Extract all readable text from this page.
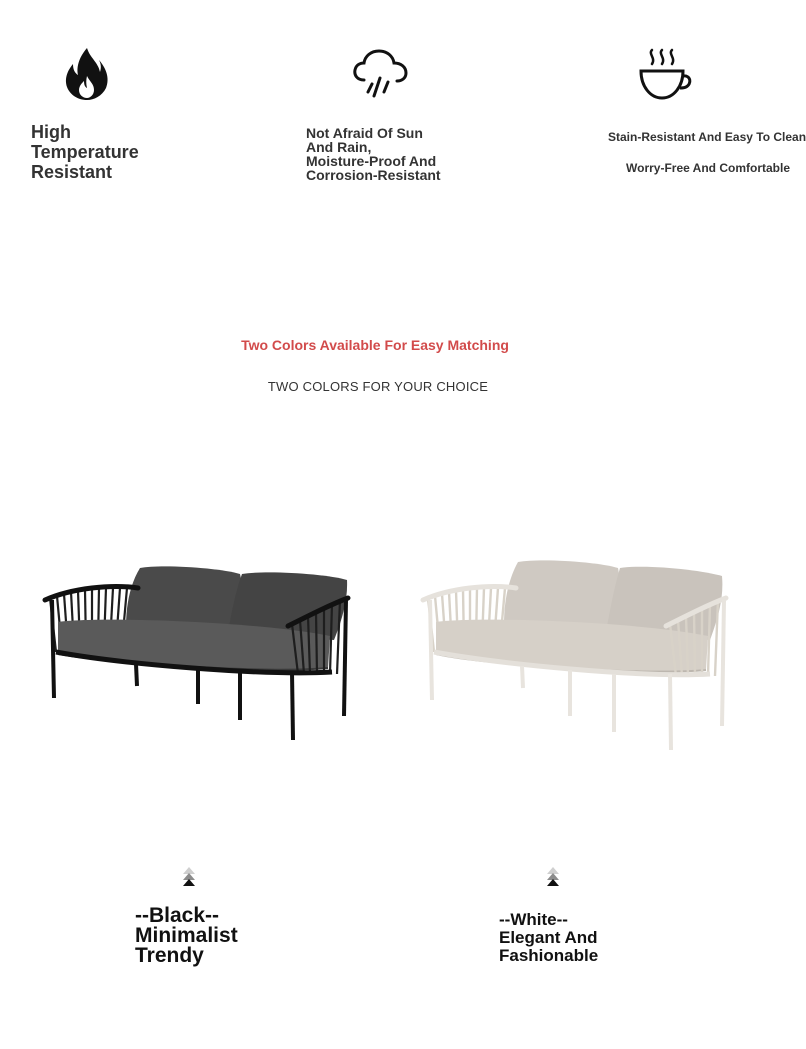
High
Temperature
Resistant
Not Afraid Of Sun
And Rain,
Moisture-Proof And
Corrosion-Resistant
Stain-Resistant And Easy To Clean
Worry-Free And Comfortable
Two Colors Available For Easy Matching
TWO COLORS FOR YOUR CHOICE
--Black--
Minimalist
Trendy
--White--
Elegant And
Fashionable
